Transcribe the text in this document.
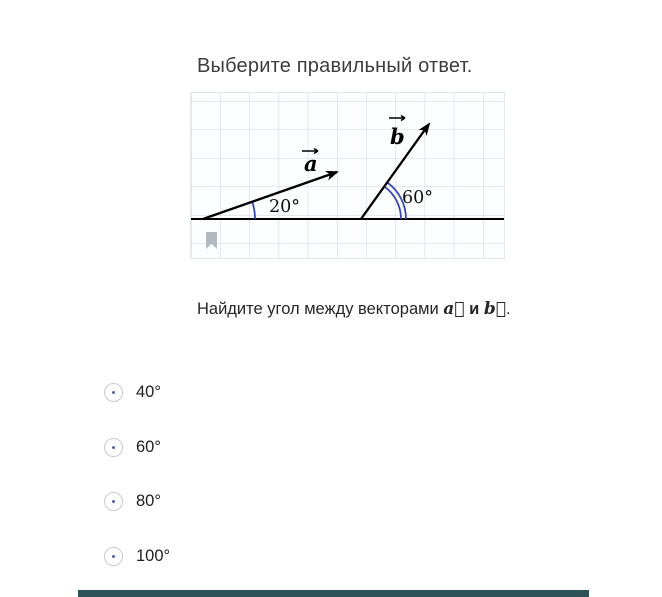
Выберите правильный ответ.
a
b
20°	60°
Найдите угол между векторами a⃗ и b⃗.
40°
60°
80°
100°
